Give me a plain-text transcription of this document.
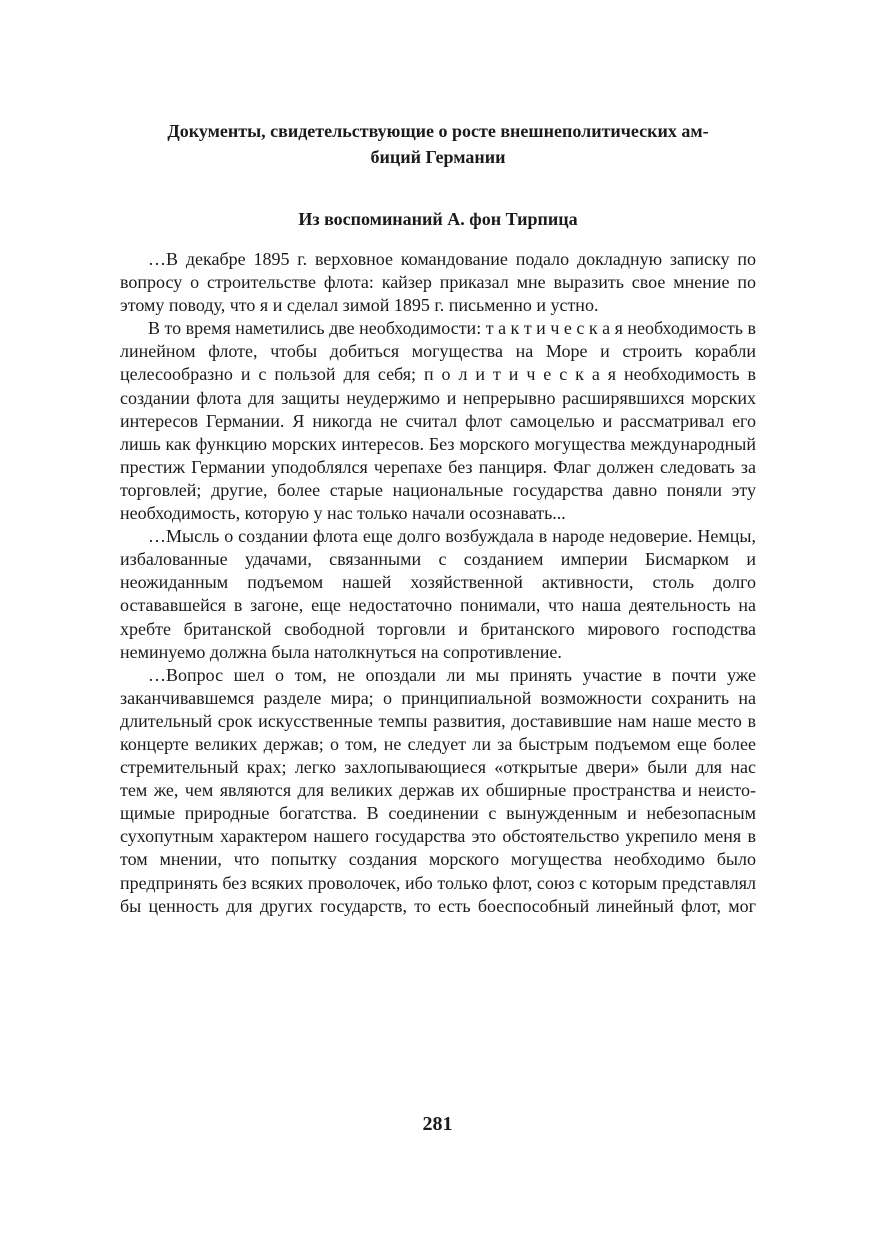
Документы, свидетельствующие о росте внешнеполитических ам-
биций Германии
Из воспоминаний А. фон Тирпица

…В декабре 1895 г. верховное командование подало докладную записку по вопросу о строительстве флота: кайзер приказал мне выразить свое мнение по этому поводу, что я и сделал зимой 1895 г. письменно и устно.

В то время наметились две необходимости: т а к т и ч е с к а я необходимость в линейном флоте, чтобы добиться могущества на Море и строить корабли целесообразно и с пользой для себя; п о л и т и ч е с к а я необходимость в создании флота для защиты неудержимо и непрерывно расширявшихся морских интересов Германии. Я никогда не считал флот самоцелью и рассматривал его лишь как функцию морских интересов. Без морского могущества международный престиж Германии уподоблялся черепахе без панциря. Флаг должен следовать за торговлей; другие, более старые национальные государства давно поняли эту необходимость, которую у нас только начали осознавать...

…Мысль о создании флота еще долго возбуждала в народе недоверие. Немцы, избалованные удачами, связанными с созданием империи Бисмарком и неожиданным подъемом нашей хозяйственной активности, столь долго остававшейся в загоне, еще недостаточно понимали, что наша деятельность на хребте британской свободной торговли и британского мирового господства неминуемо должна была натолкнуться на сопротивление.

…Вопрос шел о том, не опоздали ли мы принять участие в почти уже заканчивавшемся разделе мира; о принципиальной возможности сохранить на длительный срок искусственные темпы развития, доставившие нам наше место в концерте великих держав; о том, не следует ли за быстрым подъемом еще более стремительный крах; легко захлопывающиеся «открытые двери» были для нас тем же, чем являются для великих держав их обширные пространства и неистощимые природные богатства. В соединении с вынужденным и небезопасным сухопутным характером нашего государства это обстоятельство укрепило меня в том мнении, что попытку создания морского могущества необходимо было предпринять без всяких проволочек, ибо только флот, союз с которым представлял бы ценность для других государств, то есть боеспособный линейный флот, мог

281
